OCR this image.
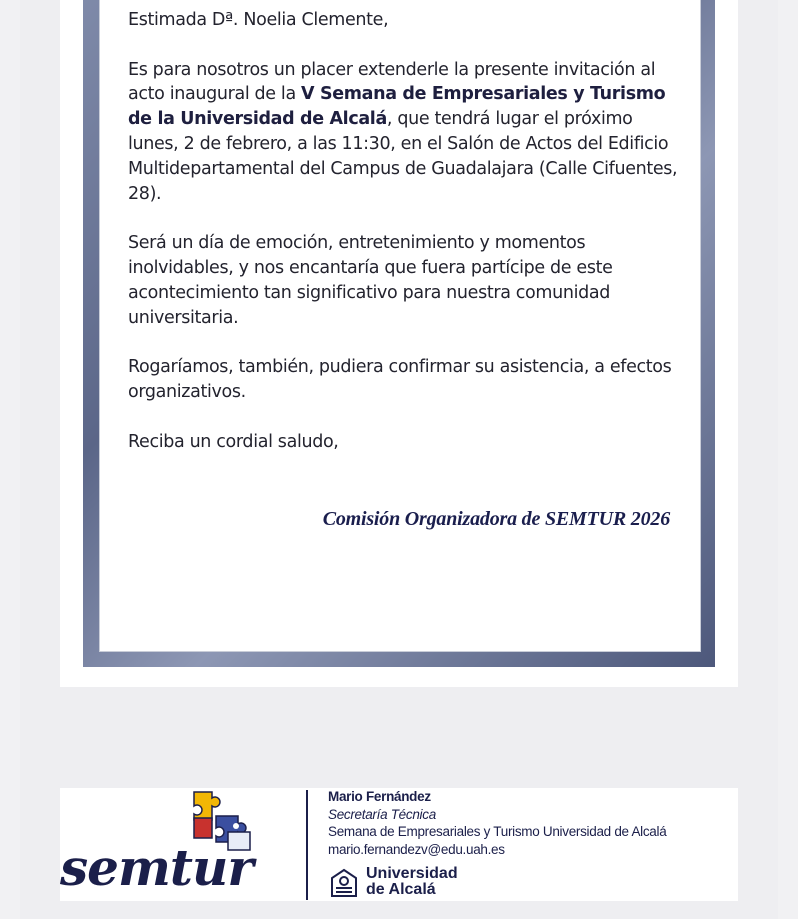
Estimada Dª. Noelia Clemente,

Es para nosotros un placer extenderle la presente invitación al acto inaugural de la V Semana de Empresariales y Turismo de la Universidad de Alcalá, que tendrá lugar el próximo lunes, 2 de febrero, a las 11:30, en el Salón de Actos del Edificio Multidepartamental del Campus de Guadalajara (Calle Cifuentes, 28).

Será un día de emoción, entretenimiento y momentos inolvidables, y nos encantaría que fuera partícipe de este acontecimiento tan significativo para nuestra comunidad universitaria.

Rogaríamos, también, pudiera confirmar su asistencia, a efectos organizativos.

Reciba un cordial saludo,

Comisión Organizadora de SEMTUR 2026
semtur
Mario Fernández
Secretaría Técnica
Semana de Empresariales y Turismo Universidad de Alcalá
mario.fernandezv@edu.uah.es
Universidad
de Alcalá
